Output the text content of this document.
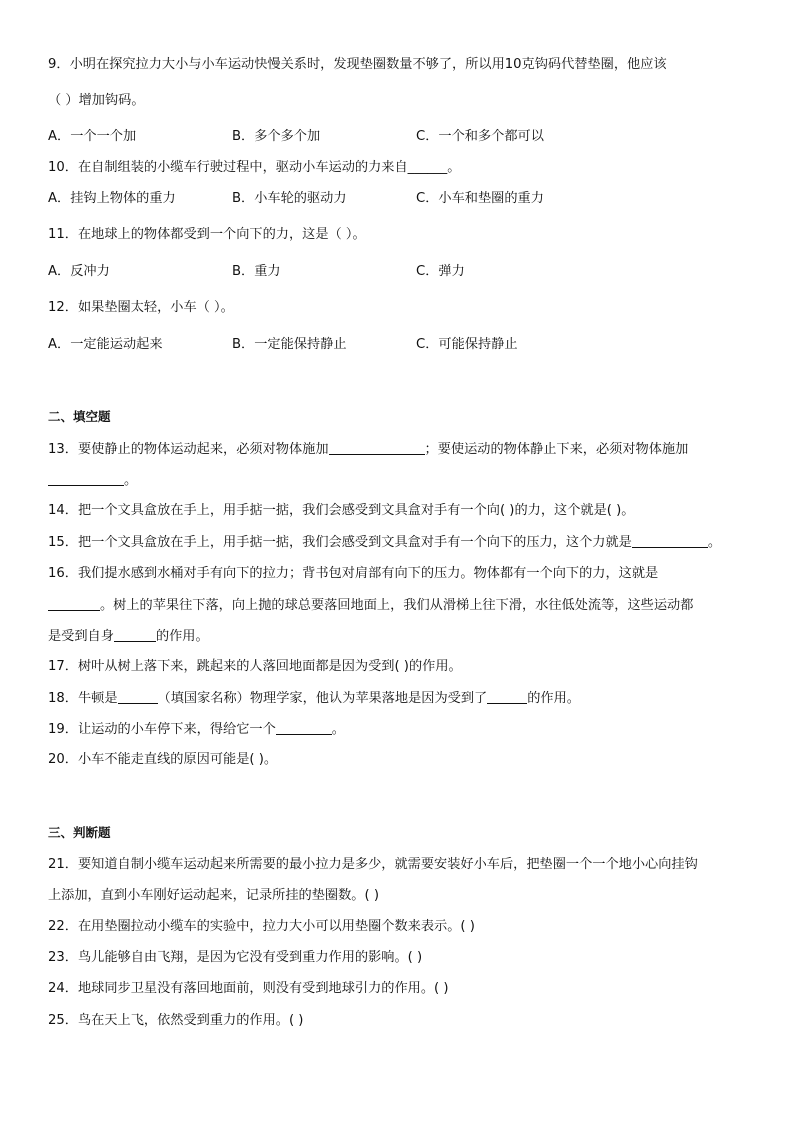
9．小明在探究拉力大小与小车运动快慢关系时，发现垫圈数量不够了，所以用10克钩码代替垫圈，他应该
（ ）增加钩码。
A．一个一个加	B．多个多个加	C．一个和多个都可以
10．在自制组装的小缆车行驶过程中，驱动小车运动的力来自______。
A．挂钩上物体的重力	B．小车轮的驱动力	C．小车和垫圈的重力
11．在地球上的物体都受到一个向下的力，这是（ ）。
A．反冲力	B．重力	C．弹力
12．如果垫圈太轻，小车（ ）。
A．一定能运动起来	B．一定能保持静止	C．可能保持静止
二、填空题
13．要使静止的物体运动起来，必须对物体施加	；要使运动的物体静止下来，必须对物体施加
。
14．把一个文具盒放在手上，用手掂一掂，我们会感受到文具盒对手有一个向( )的力，这个就是( )。
15．把一个文具盒放在手上，用手掂一掂，我们会感受到文具盒对手有一个向下的压力，这个力就是	。
16．我们提水感到水桶对手有向下的拉力；背书包对肩部有向下的压力。物体都有一个向下的力，这就是
。树上的苹果往下落，向上抛的球总要落回地面上，我们从滑梯上往下滑，水往低处流等，这些运动都
是受到自身	的作用。
17．树叶从树上落下来，跳起来的人落回地面都是因为受到( )的作用。
18．牛顿是	（填国家名称）物理学家，他认为苹果落地是因为受到了	的作用。
19．让运动的小车停下来，得给它一个	。
20．小车不能走直线的原因可能是( )。
三、判断题
21．要知道自制小缆车运动起来所需要的最小拉力是多少，就需要安装好小车后，把垫圈一个一个地小心向挂钩
上添加，直到小车刚好运动起来，记录所挂的垫圈数。( )
22．在用垫圈拉动小缆车的实验中，拉力大小可以用垫圈个数来表示。( )
23．鸟儿能够自由飞翔，是因为它没有受到重力作用的影响。( )
24．地球同步卫星没有落回地面前，则没有受到地球引力的作用。( )
25．鸟在天上飞，依然受到重力的作用。( )
